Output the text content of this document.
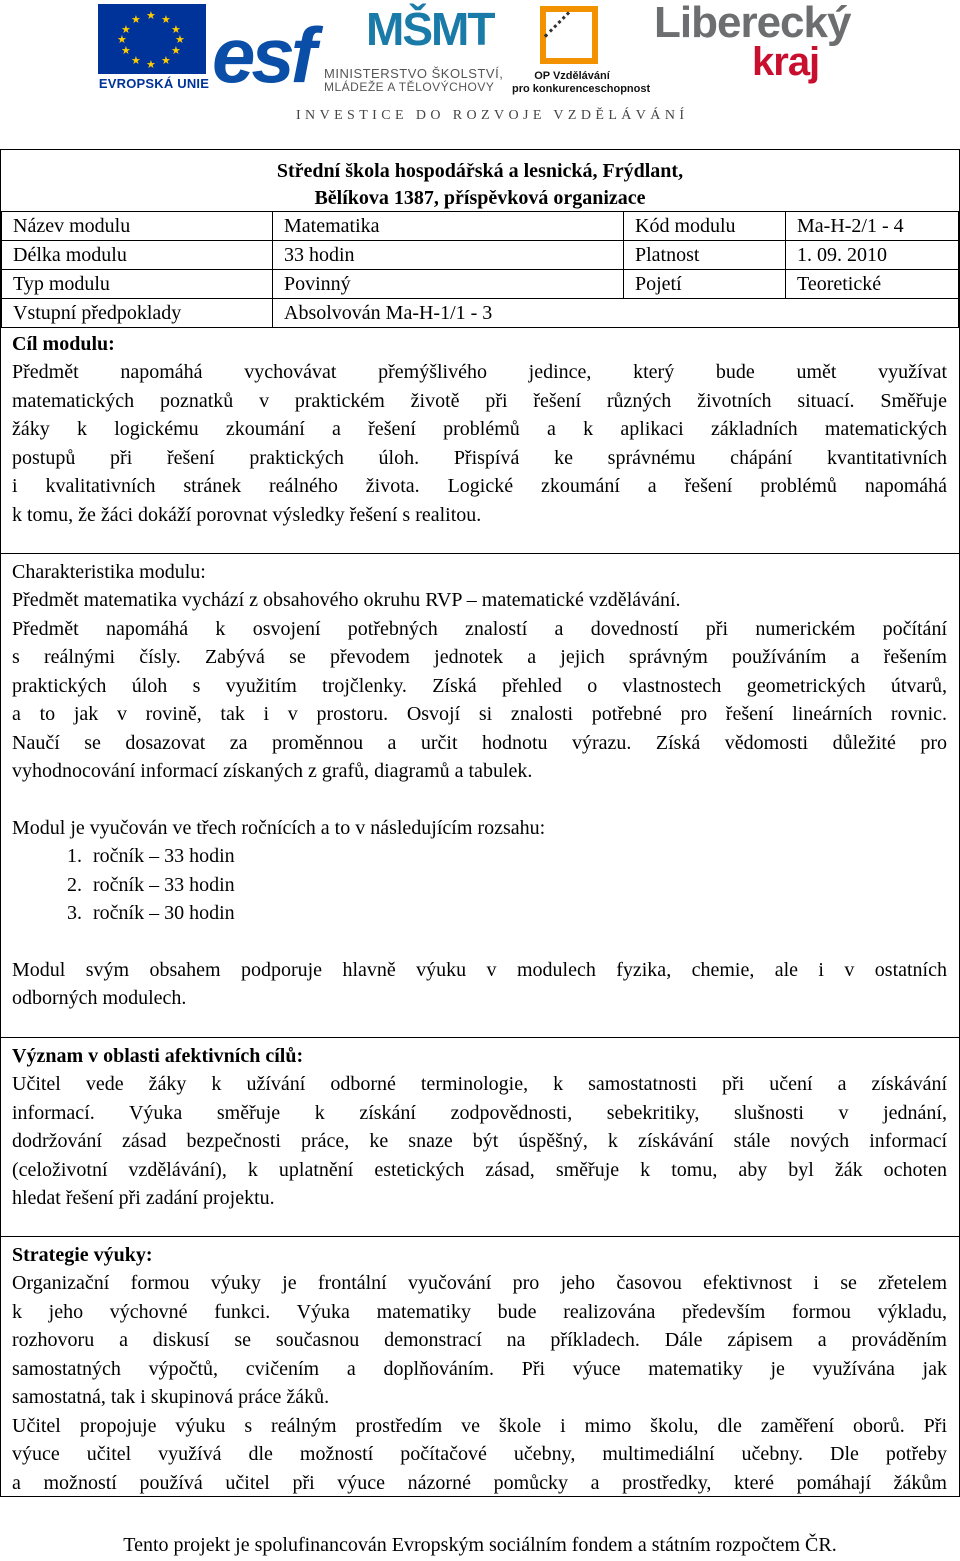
★ ★
★
★
★
★
★
★
★
★
★
★
EVROPSKÁ UNIE esf MŠMT
MINISTERSTVO ŠKOLSTVÍ,
MLÁDEŽE A TĚLOVÝCHOVY
OP Vzdělávání
pro konkurenceschopnost
Liberecký
kraj
INVESTICE DO ROZVOJE VZDĚLÁVÁNÍ
Střední škola hospodářská a lesnická, Frýdlant,
Bělíkova 1387, příspěvková organizace
Název modulu	Matematika	Kód modulu	Ma-H-2/1 - 4
Délka modulu	33 hodin	Platnost	1. 09. 2010
Typ modulu	Povinný	Pojetí	Teoretické
Vstupní předpoklady	Absolvován Ma-H-1/1 - 3		
Cíl modulu:
Předmět napomáhá vychovávat přemýšlivého jedince, který bude umět využívat
matematických poznatků v praktickém životě při řešení různých životních situací. Směřuje
žáky k logickému zkoumání a řešení problémů a k aplikaci základních matematických
postupů při řešení praktických úloh. Přispívá ke správnému chápání kvantitativních
i kvalitativních stránek reálného života. Logické zkoumání a řešení problémů napomáhá
k tomu, že žáci dokáží porovnat výsledky řešení s realitou.
Charakteristika modulu:
Předmět matematika vychází z obsahového okruhu RVP – matematické vzdělávání.
Předmět napomáhá k osvojení potřebných znalostí a dovedností při numerickém počítání
s reálnými čísly. Zabývá se převodem jednotek a jejich správným používáním a řešením
praktických úloh s využitím trojčlenky. Získá přehled o vlastnostech geometrických útvarů,
a to jak v rovině, tak i v prostoru. Osvojí si znalosti potřebné pro řešení lineárních rovnic.
Naučí se dosazovat za proměnnou a určit hodnotu výrazu. Získá vědomosti důležité pro
vyhodnocování informací získaných z grafů, diagramů a tabulek.
Modul je vyučován ve třech ročnících a to v následujícím rozsahu:
1. ročník – 33 hodin
2. ročník – 33 hodin
3. ročník – 30 hodin
Modul svým obsahem podporuje hlavně výuku v modulech fyzika, chemie, ale i v ostatních
odborných modulech.
Význam v oblasti afektivních cílů:
Učitel vede žáky k užívání odborné terminologie, k samostatnosti při učení a získávání
informací. Výuka směřuje k získání zodpovědnosti, sebekritiky, slušnosti v jednání,
dodržování zásad bezpečnosti práce, ke snaze být úspěšný, k získávání stále nových informací
(celoživotní vzdělávání), k uplatnění estetických zásad, směřuje k tomu, aby byl žák ochoten
hledat řešení při zadání projektu.
Strategie výuky:
Organizační formou výuky je frontální vyučování pro jeho časovou efektivnost i se zřetelem
k jeho výchovné funkci. Výuka matematiky bude realizována především formou výkladu,
rozhovoru a diskusí se současnou demonstrací na příkladech. Dále zápisem a prováděním
samostatných výpočtů, cvičením a doplňováním. Při výuce matematiky je využívána jak
samostatná, tak i skupinová práce žáků.
Učitel propojuje výuku s reálným prostředím ve škole i mimo školu, dle zaměření oborů. Při
výuce učitel využívá dle možností počítačové učebny, multimediální učebny. Dle potřeby
a možností používá učitel při výuce názorné pomůcky a prostředky, které pomáhají žákům
Tento projekt je spolufinancován Evropským sociálním fondem a státním rozpočtem ČR.
